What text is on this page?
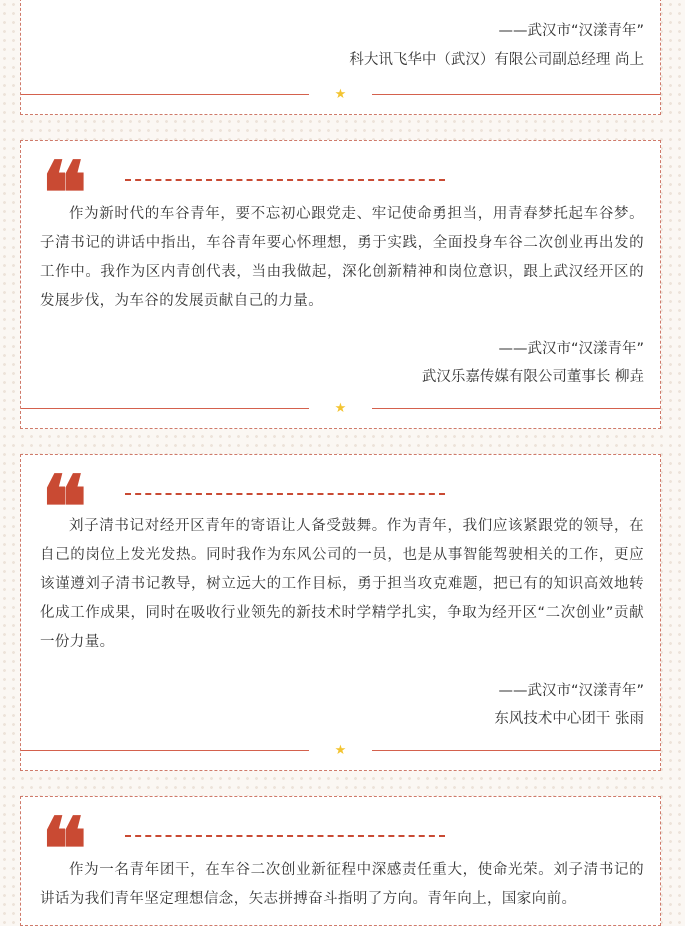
——武汉市“汉漾青年”
科大讯飞华中（武汉）有限公司副总经理 尚上
★
❝
作为新时代的车谷青年，要不忘初心跟党走、牢记使命勇担当，用青春梦托起车谷梦。子清书记的讲话中指出，车谷青年要心怀理想，勇于实践，全面投身车谷二次创业再出发的工作中。我作为区内青创代表，当由我做起，深化创新精神和岗位意识，跟上武汉经开区的发展步伐，为车谷的发展贡献自己的力量。
——武汉市“汉漾青年”
武汉乐嘉传媒有限公司董事长 柳垚
★
❝
刘子清书记对经开区青年的寄语让人备受鼓舞。作为青年，我们应该紧跟党的领导，在自己的岗位上发光发热。同时我作为东风公司的一员，也是从事智能驾驶相关的工作，更应该谨遵刘子清书记教导，树立远大的工作目标，勇于担当攻克难题，把已有的知识高效地转化成工作成果，同时在吸收行业领先的新技术时学精学扎实，争取为经开区“二次创业”贡献一份力量。
——武汉市“汉漾青年”
东风技术中心团干 张雨
★
❝
作为一名青年团干，在车谷二次创业新征程中深感责任重大，使命光荣。刘子清书记的讲话为我们青年坚定理想信念，矢志拼搏奋斗指明了方向。青年向上，国家向前。
